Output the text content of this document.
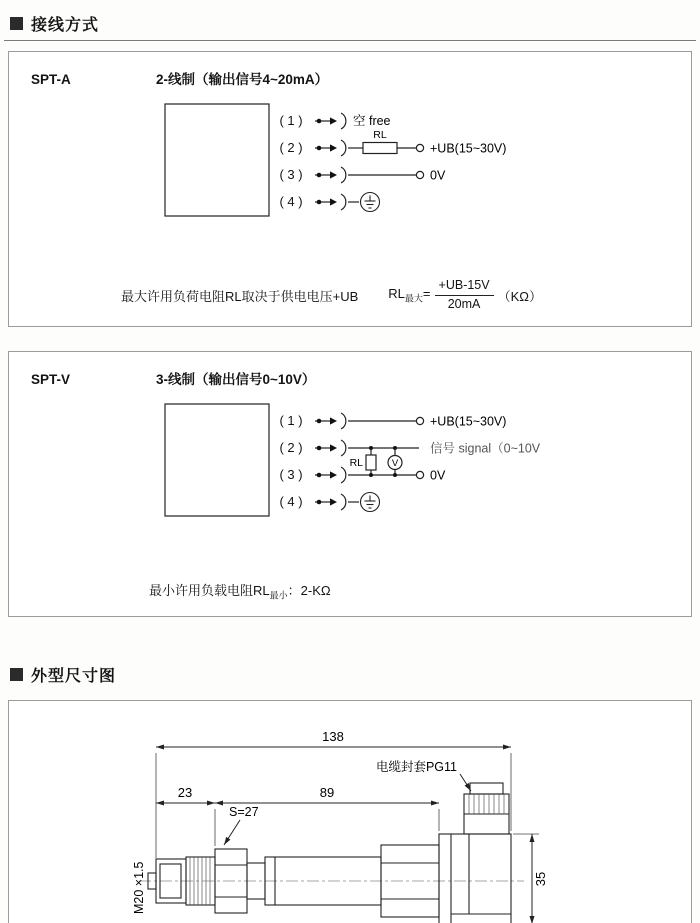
接线方式
SPT-A	2-线制（输出信号4~20mA）
( 1 )
( 2 )
( 3 )
( 4 )
空 free
RL
+UB(15~30V)
0V
最大许用负荷电阻RL取决于供电电压+UB $RL_{最大}= \frac{+UB-15V}{20mA} (K\Omega)$
SPT-V	3-线制（输出信号0~10V）
( 1 )
( 2 )
( 3 )
( 4 )
+UB(15~30V)
信号 signal（0~10V
RL	V
0V
最小许用负载电阻$RL_{最小}$：2-KΩ
外型尺寸图
138
23	89
电缆封套PG11
S=27
M20 ×1.5	35
